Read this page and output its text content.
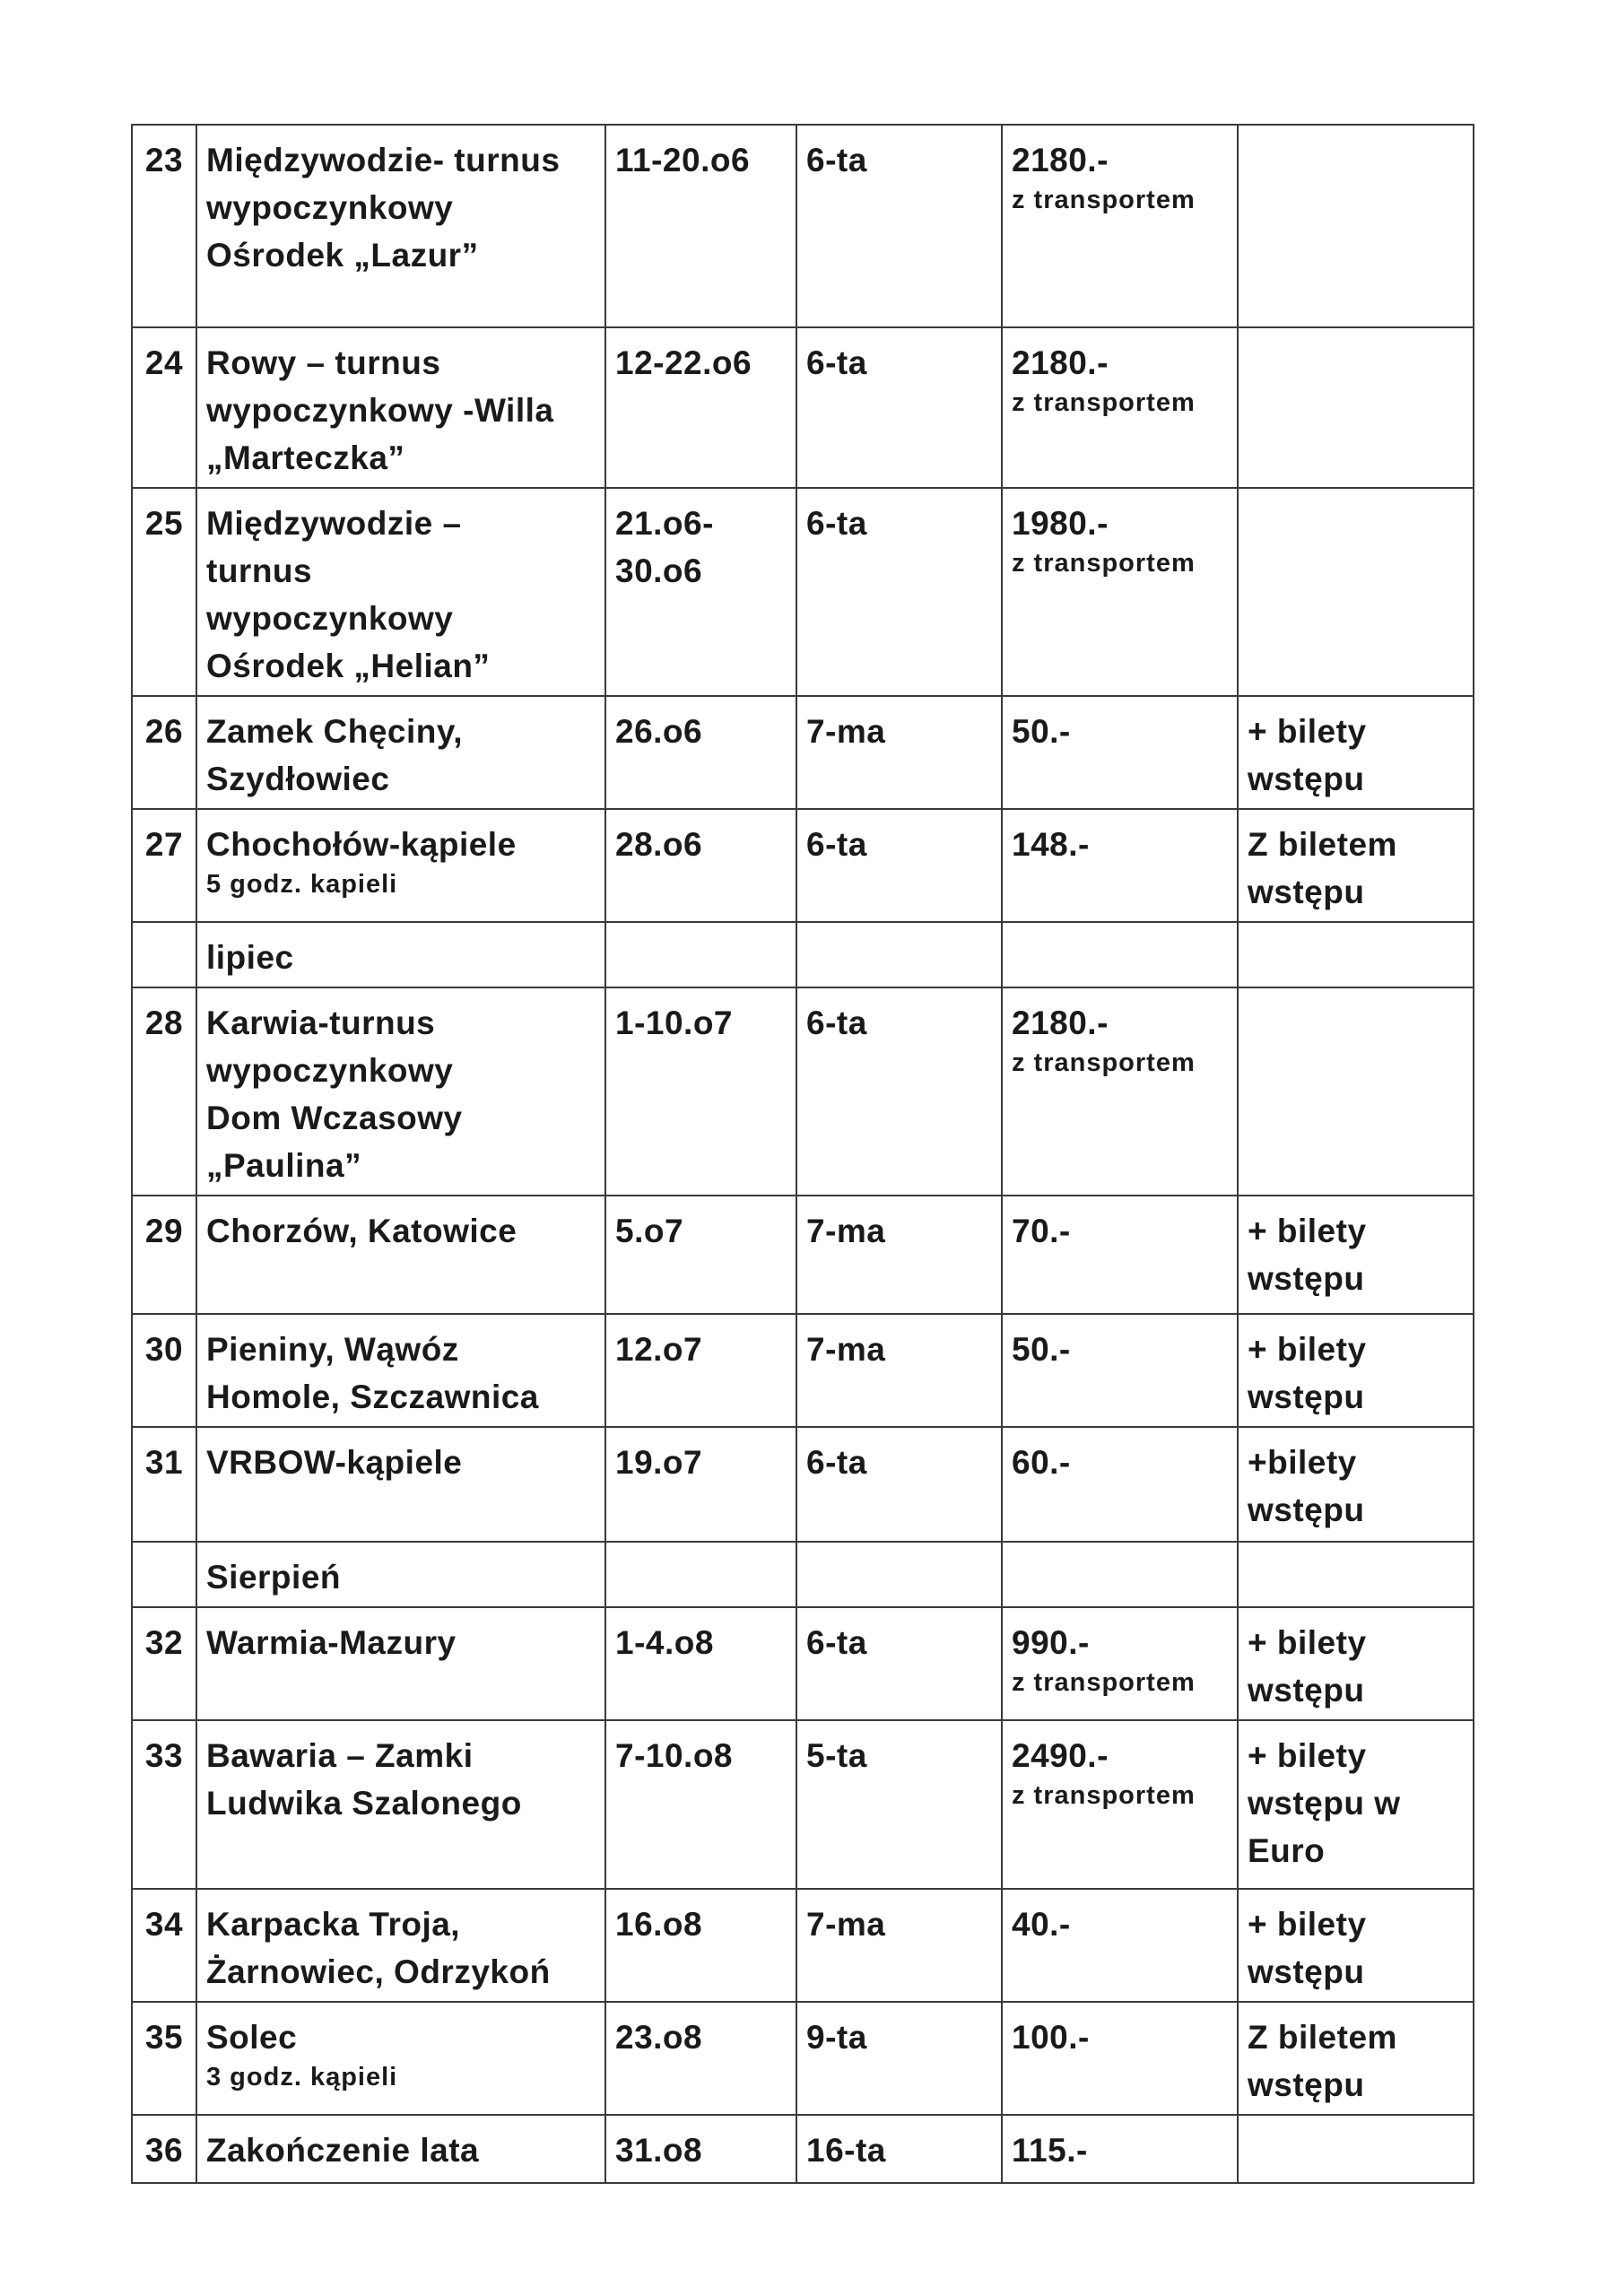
23	Międzywodzie- turnus
wypoczynkowy
Ośrodek „Lazur”	11-20.o6	6-ta	2180.-
z transportem	

24	Rowy – turnus
wypoczynkowy -Willa
„Marteczka”	12-22.o6	6-ta	2180.-
z transportem	

25	Międzywodzie –
turnus
wypoczynkowy
Ośrodek „Helian”	21.o6-
30.o6	6-ta	1980.-
z transportem	

26	Zamek Chęciny,
Szydłowiec	26.o6	7-ma	50.-	+ bilety
wstępu

27	Chochołów-kąpiele
5 godz. kapieli	28.o6	6-ta	148.-	Z biletem
wstępu

	lipiec				

28	Karwia-turnus
wypoczynkowy
Dom Wczasowy
„Paulina”	1-10.o7	6-ta	2180.-
z transportem	

29	Chorzów, Katowice	5.o7	7-ma	70.-	+ bilety
wstępu

30	Pieniny, Wąwóz
Homole, Szczawnica	12.o7	7-ma	50.-	+ bilety
wstępu

31	VRBOW-kąpiele	19.o7	6-ta	60.-	+bilety
wstępu

	Sierpień				

32	Warmia-Mazury	1-4.o8	6-ta	990.-
z transportem	+ bilety
wstępu

33	Bawaria – Zamki
Ludwika Szalonego	7-10.o8	5-ta	2490.-
z transportem	+ bilety
wstępu w
Euro

34	Karpacka Troja,
Żarnowiec, Odrzykoń	16.o8	7-ma	40.-	+ bilety
wstępu

35	Solec
3 godz. kąpieli	23.o8	9-ta	100.-	Z biletem
wstępu

36	Zakończenie lata	31.o8	16-ta	115.-	
